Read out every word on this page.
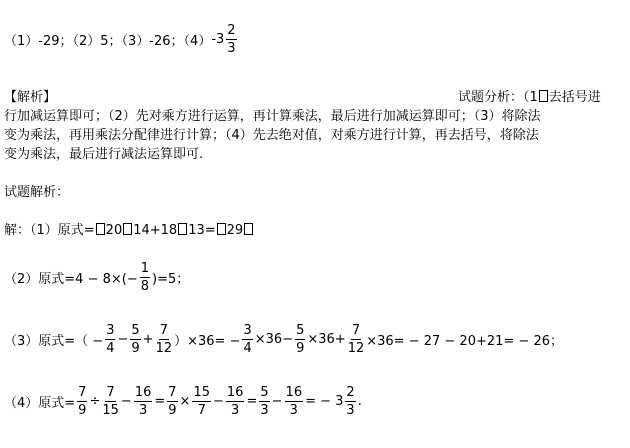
（1）-29；（2）5；（3）-26；（4） $-3 \frac{2}{3}$
【解析】	试题分析：（1 去括号进
行加减运算即可；（2）先对乘方进行运算，再计算乘法，最后进行加减运算即可；（3）将除法
变为乘法，再用乘法分配律进行计算；（4）先去绝对值，对乘方进行计算，再去括号，将除法
变为乘法，最后进行减法运算即可.
试题解析：
解：（1）原式= 20 14+18 13= 29
（2）原式$=4 - 8\times(- \frac{1}{8} )=5$；
（3）原式=（ − $\frac{3}{4} - \frac{5}{9} + \frac{7}{12} )\times 36= - \frac{3}{4} \times 36- \frac{5}{9} \times 36+ \frac{7}{12} \times 36= - 27 - 20+21= - 26$；
（4）原式= $\frac{7}{9} \div \frac{7}{15} - \frac{16}{3} = \frac{7}{9} \times \frac{15}{7} - \frac{16}{3} = \frac{5}{3} - \frac{16}{3}$ = − $3 \frac{2}{3}$ .
